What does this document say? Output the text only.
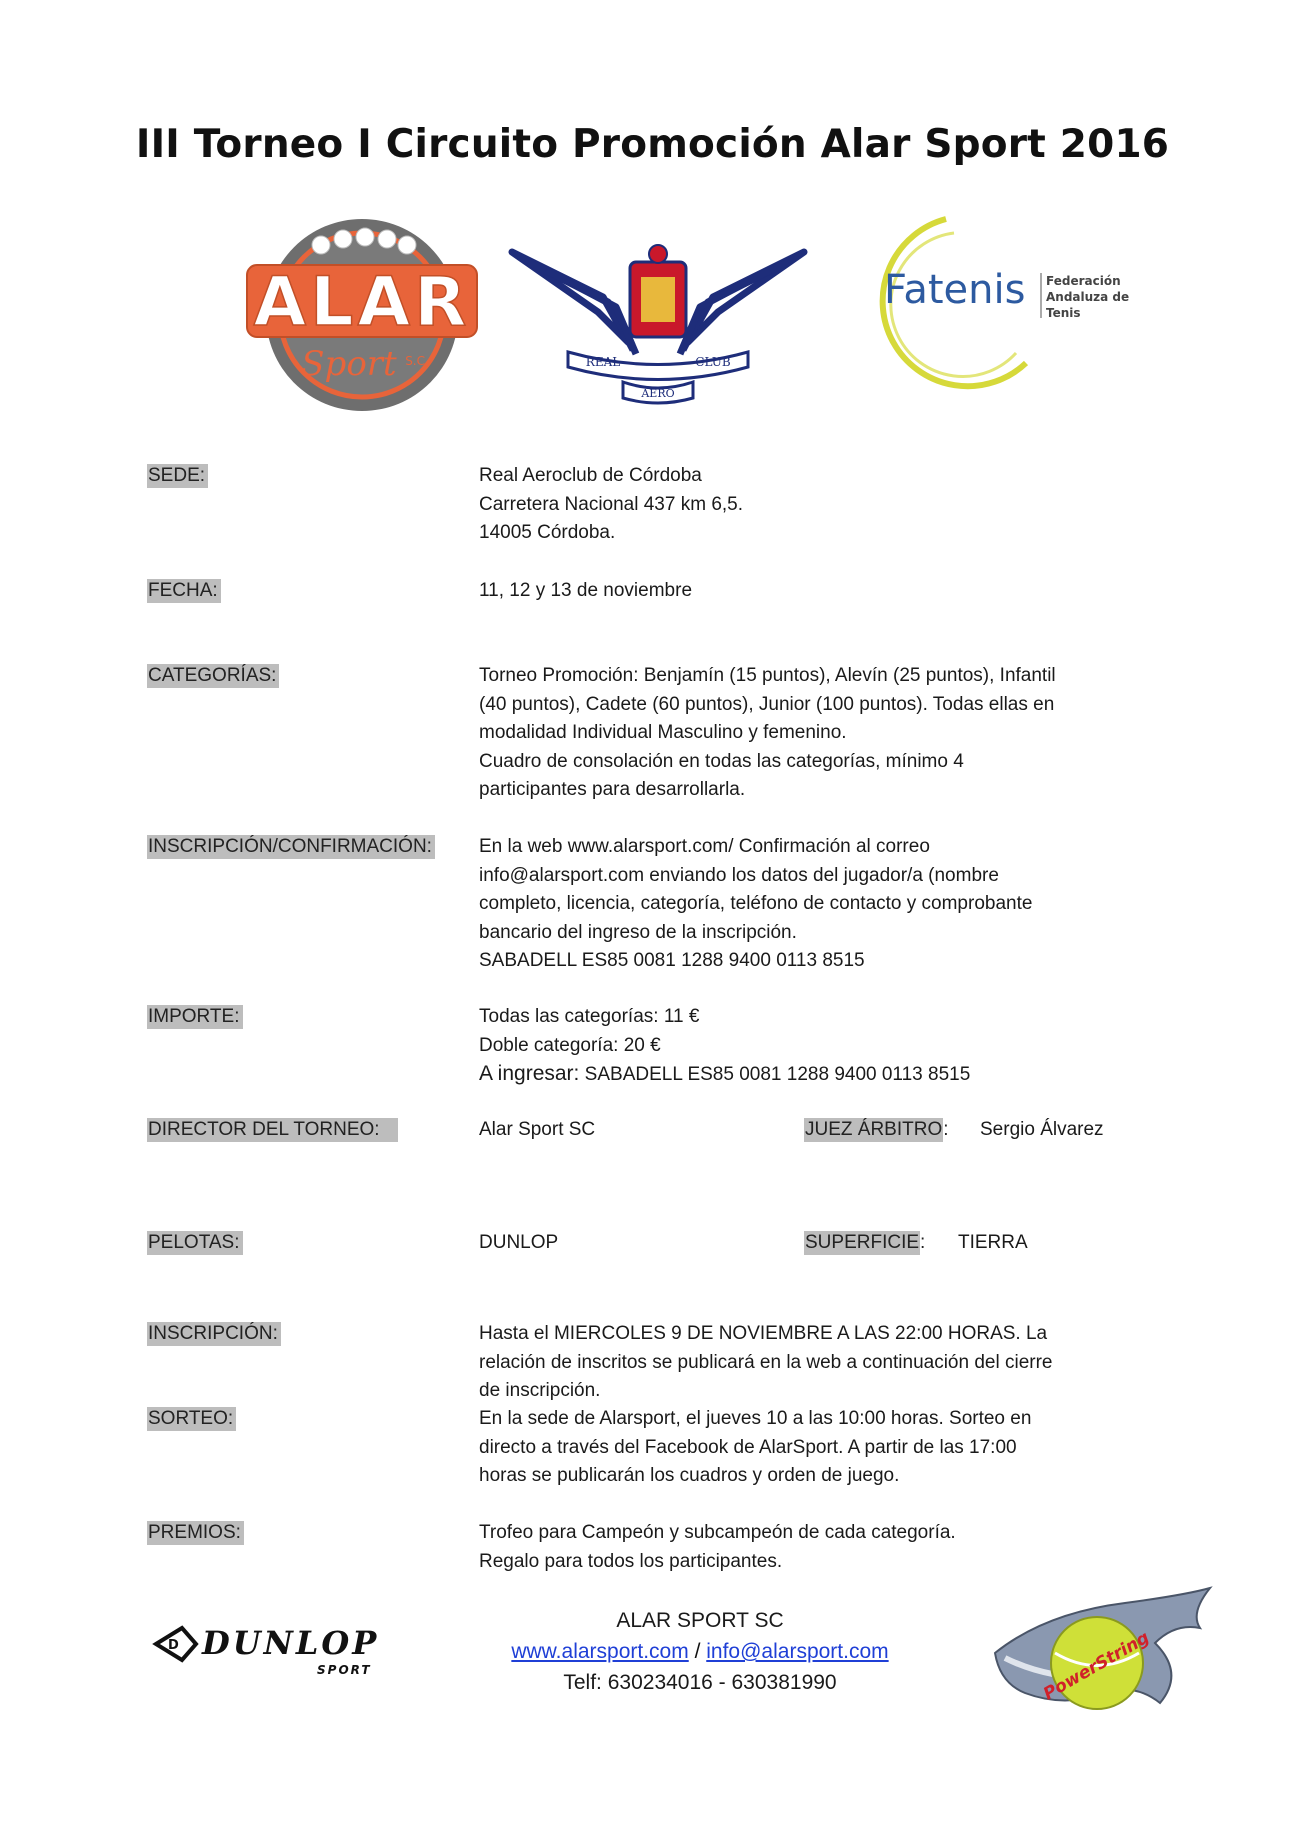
III Torneo I Circuito Promoción Alar Sport 2016
ALAR
Sport S.C.	REAL	CLUB
AERO
Fatenis Federación
Andaluza de
Tenis
SEDE:	Real Aeroclub de Córdoba
Carretera Nacional 437 km 6,5.
14005 Córdoba.
FECHA:	11, 12 y 13 de noviembre
CATEGORÍAS:	Torneo Promoción: Benjamín (15 puntos), Alevín (25 puntos), Infantil
(40 puntos), Cadete (60 puntos), Junior (100 puntos). Todas ellas en
modalidad Individual Masculino y femenino.
Cuadro de consolación en todas las categorías, mínimo 4
participantes para desarrollarla.
INSCRIPCIÓN/CONFIRMACIÓN: En la web www.alarsport.com/ Confirmación al correo
info@alarsport.com enviando los datos del jugador/a (nombre
completo, licencia, categoría, teléfono de contacto y comprobante
bancario del ingreso de la inscripción.
SABADELL ES85 0081 1288 9400 0113 8515
IMPORTE:	Todas las categorías: 11 €
Doble categoría: 20 €
A ingresar: SABADELL ES85 0081 1288 9400 0113 8515
DIRECTOR DEL TORNEO:	Alar Sport SC	JUEZ ÁRBITRO: Sergio Álvarez
PELOTAS:	DUNLOP	SUPERFICIE: TIERRA
INSCRIPCIÓN:	Hasta el MIERCOLES 9 DE NOVIEMBRE A LAS 22:00 HORAS. La
relación de inscritos se publicará en la web a continuación del cierre
de inscripción.
SORTEO:	En la sede de Alarsport, el jueves 10 a las 10:00 horas. Sorteo en
directo a través del Facebook de AlarSport. A partir de las 17:00
horas se publicarán los cuadros y orden de juego.
PREMIOS:	Trofeo para Campeón y subcampeón de cada categoría.
Regalo para todos los participantes.
D DUNLOP
SPORT
ALAR SPORT SC
www.alarsport.com / info@alarsport.com
Telf: 630234016 - 630381990	PowerString
